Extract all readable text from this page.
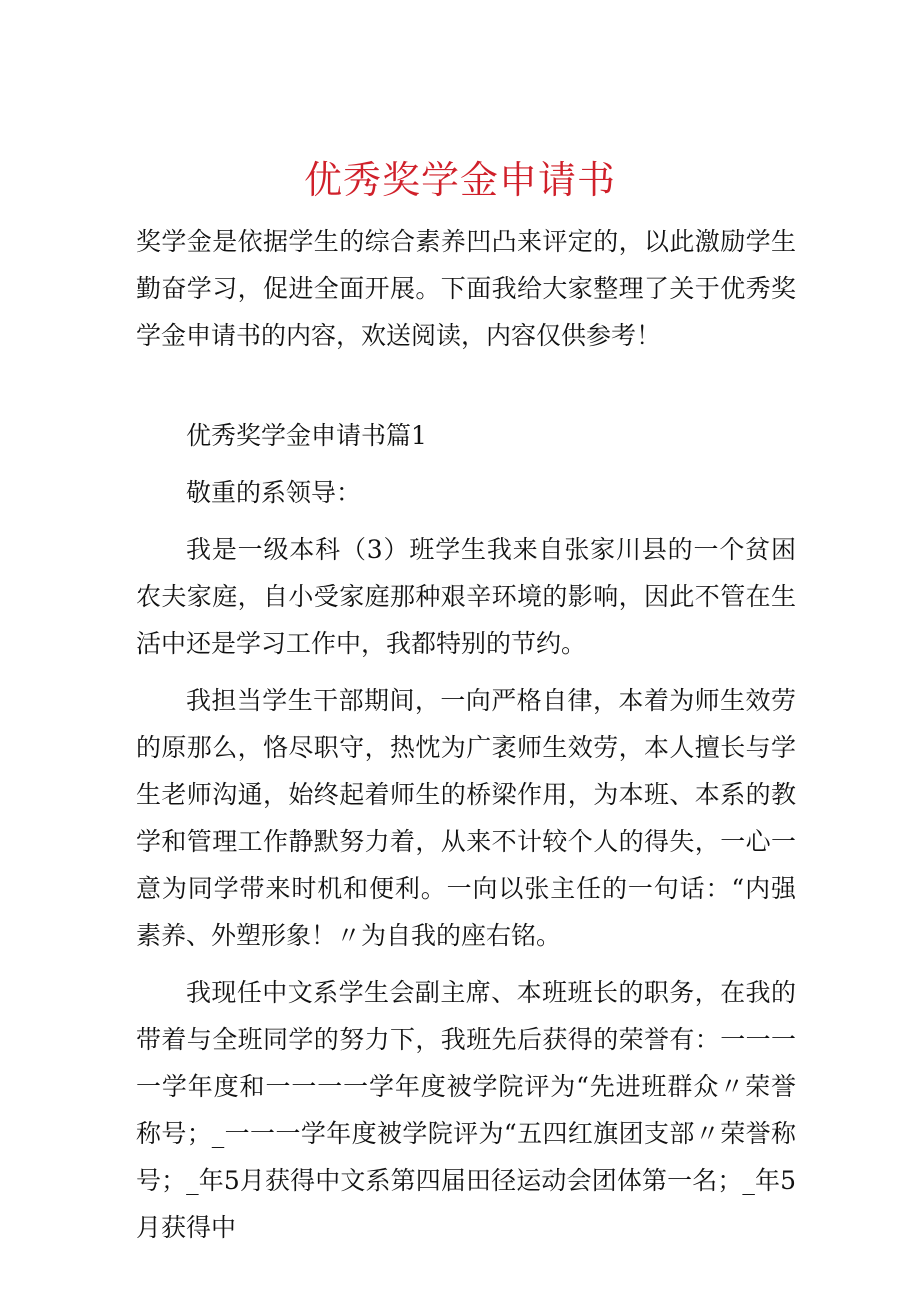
优秀奖学金申请书

奖学金是依据学生的综合素养凹凸来评定的，以此激励学生勤奋学习，促进全面开展。下面我给大家整理了关于优秀奖学金申请书的内容，欢送阅读，内容仅供参考！

优秀奖学金申请书篇1

敬重的系领导：

我是一级本科（3）班学生我来自张家川县的一个贫困农夫家庭，自小受家庭那种艰辛环境的影响，因此不管在生活中还是学习工作中，我都特别的节约。

我担当学生干部期间，一向严格自律，本着为师生效劳的原那么，恪尽职守，热忱为广袤师生效劳，本人擅长与学生老师沟通，始终起着师生的桥梁作用，为本班、本系的教学和管理工作静默努力着，从来不计较个人的得失，一心一意为同学带来时机和便利。一向以张主任的一句话：“内强素养、外塑形象！〃为自我的座右铭。

我现任中文系学生会副主席、本班班长的职务，在我的带着与全班同学的努力下，我班先后获得的荣誉有：一一一一学年度和一一一一学年度被学院评为“先进班群众〃荣誉称号；_一一一学年度被学院评为“五四红旗团支部〃荣誉称号；_年5月获得中文系第四届田径运动会团体第一名；_年5月获得中
